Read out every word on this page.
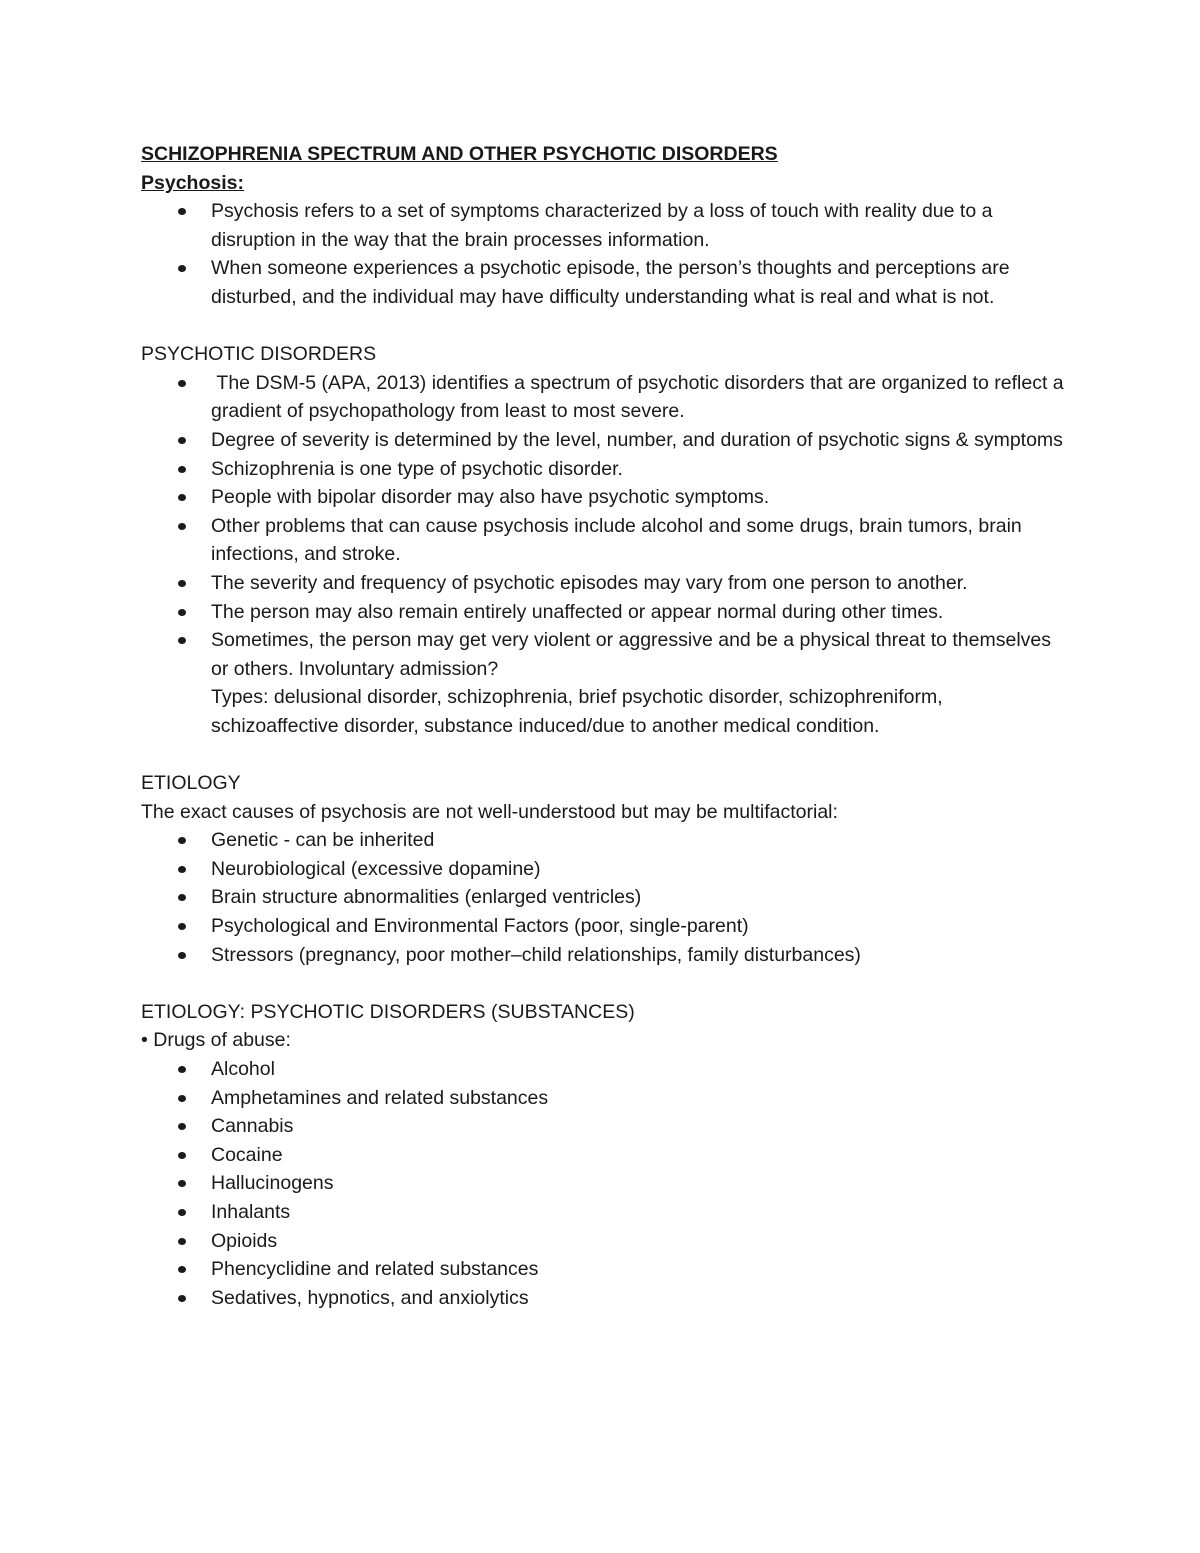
SCHIZOPHRENIA SPECTRUM AND OTHER PSYCHOTIC DISORDERS

Psychosis:

Psychosis refers to a set of symptoms characterized by a loss of touch with reality due to a disruption in the way that the brain processes information.
When someone experiences a psychotic episode, the person’s thoughts and perceptions are disturbed, and the individual may have difficulty understanding what is real and what is not.

PSYCHOTIC DISORDERS

The DSM-5 (APA, 2013) identifies a spectrum of psychotic disorders that are organized to reflect a gradient of psychopathology from least to most severe.
Degree of severity is determined by the level, number, and duration of psychotic signs & symptoms
Schizophrenia is one type of psychotic disorder.
People with bipolar disorder may also have psychotic symptoms.
Other problems that can cause psychosis include alcohol and some drugs, brain tumors, brain infections, and stroke.
The severity and frequency of psychotic episodes may vary from one person to another.
The person may also remain entirely unaffected or appear normal during other times.
Sometimes, the person may get very violent or aggressive and be a physical threat to themselves or others. Involuntary admission?
Types: delusional disorder, schizophrenia, brief psychotic disorder, schizophreniform, schizoaffective disorder, substance induced/due to another medical condition.

ETIOLOGY

The exact causes of psychosis are not well-understood but may be multifactorial:

Genetic - can be inherited
Neurobiological (excessive dopamine)
Brain structure abnormalities (enlarged ventricles)
Psychological and Environmental Factors (poor, single-parent)
Stressors (pregnancy, poor mother–child relationships, family disturbances)

ETIOLOGY: PSYCHOTIC DISORDERS (SUBSTANCES)

• Drugs of abuse:

Alcohol
Amphetamines and related substances
Cannabis
Cocaine
Hallucinogens
Inhalants
Opioids
Phencyclidine and related substances
Sedatives, hypnotics, and anxiolytics
